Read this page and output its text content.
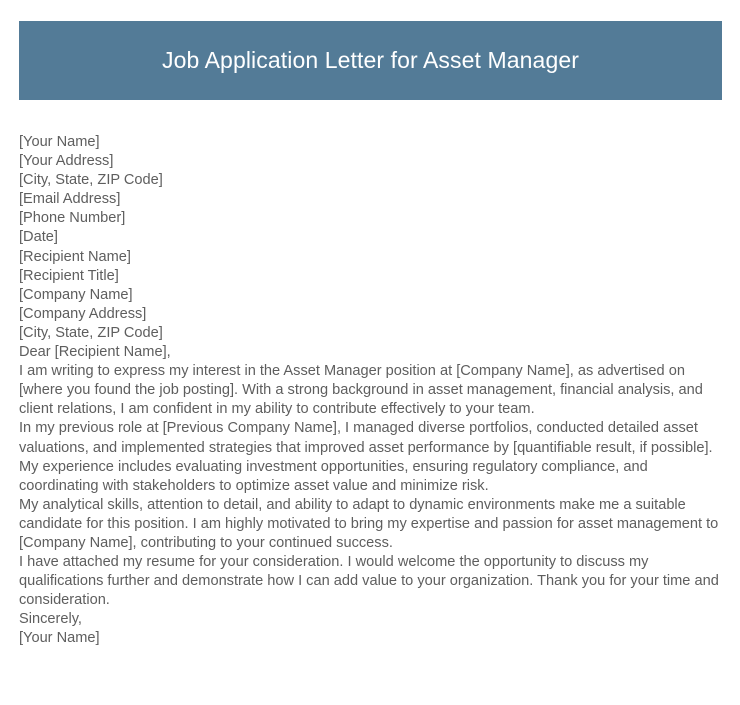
Job Application Letter for Asset Manager
[Your Name]
[Your Address]
[City, State, ZIP Code]
[Email Address]
[Phone Number]
[Date]
[Recipient Name]
[Recipient Title]
[Company Name]
[Company Address]
[City, State, ZIP Code]
Dear [Recipient Name],

I am writing to express my interest in the Asset Manager position at [Company Name], as advertised on [where you found the job posting]. With a strong background in asset management, financial analysis, and client relations, I am confident in my ability to contribute effectively to your team.

In my previous role at [Previous Company Name], I managed diverse portfolios, conducted detailed asset valuations, and implemented strategies that improved asset performance by [quantifiable result, if possible]. My experience includes evaluating investment opportunities, ensuring regulatory compliance, and coordinating with stakeholders to optimize asset value and minimize risk.

My analytical skills, attention to detail, and ability to adapt to dynamic environments make me a suitable candidate for this position. I am highly motivated to bring my expertise and passion for asset management to [Company Name], contributing to your continued success.

I have attached my resume for your consideration. I would welcome the opportunity to discuss my qualifications further and demonstrate how I can add value to your organization. Thank you for your time and consideration.

Sincerely,
[Your Name]
